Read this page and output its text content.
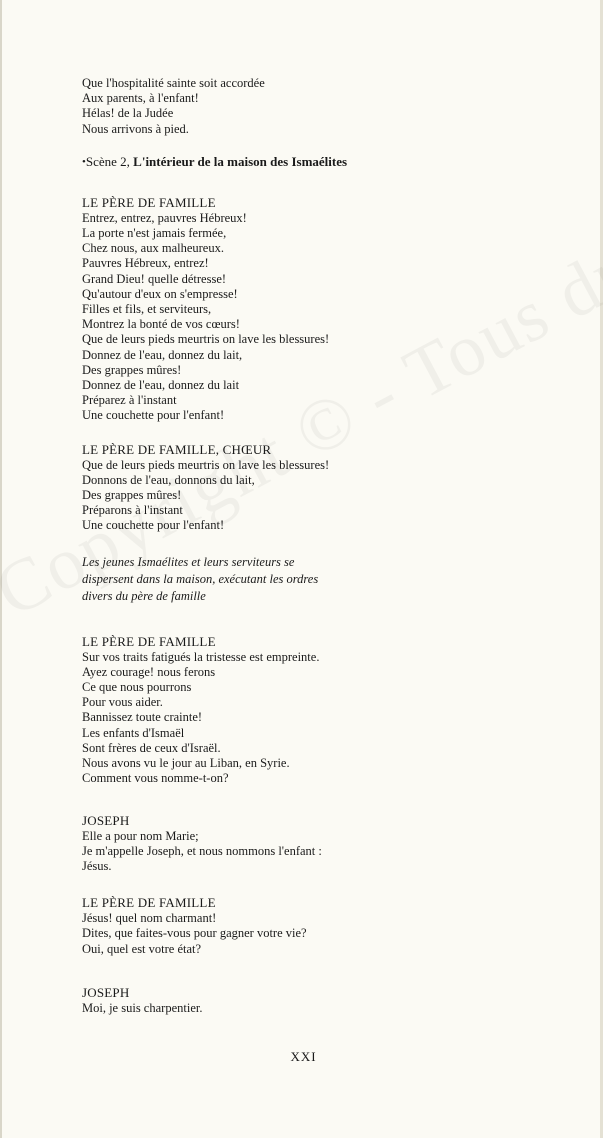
Que l'hospitalité sainte soit accordée
Aux parents, à l'enfant!
Hélas! de la Judée
Nous arrivons à pied.
•Scène 2, L'intérieur de la maison des Ismaélites
LE PÈRE DE FAMILLE
Entrez, entrez, pauvres Hébreux!
La porte n'est jamais fermée,
Chez nous, aux malheureux.
Pauvres Hébreux, entrez!
Grand Dieu! quelle détresse!
Qu'autour d'eux on s'empresse!
Filles et fils, et serviteurs,
Montrez la bonté de vos cœurs!
Que de leurs pieds meurtris on lave les blessures!
Donnez de l'eau, donnez du lait,
Des grappes mûres!
Donnez de l'eau, donnez du lait
Préparez à l'instant
Une couchette pour l'enfant!
LE PÈRE DE FAMILLE, CHŒUR
Que de leurs pieds meurtris on lave les blessures!
Donnons de l'eau, donnons du lait,
Des grappes mûres!
Préparons à l'instant
Une couchette pour l'enfant!
Les jeunes Ismaélites et leurs serviteurs se
dispersent dans la maison, exécutant les ordres
divers du père de famille
LE PÈRE DE FAMILLE
Sur vos traits fatigués la tristesse est empreinte.
Ayez courage! nous ferons
Ce que nous pourrons
Pour vous aider.
Bannissez toute crainte!
Les enfants d'Ismaël
Sont frères de ceux d'Israël.
Nous avons vu le jour au Liban, en Syrie.
Comment vous nomme-t-on?
JOSEPH
Elle a pour nom Marie;
Je m'appelle Joseph, et nous nommons l'enfant :
Jésus.
LE PÈRE DE FAMILLE
Jésus! quel nom charmant!
Dites, que faites-vous pour gagner votre vie?
Oui, quel est votre état?
JOSEPH
Moi, je suis charpentier.
XXI
